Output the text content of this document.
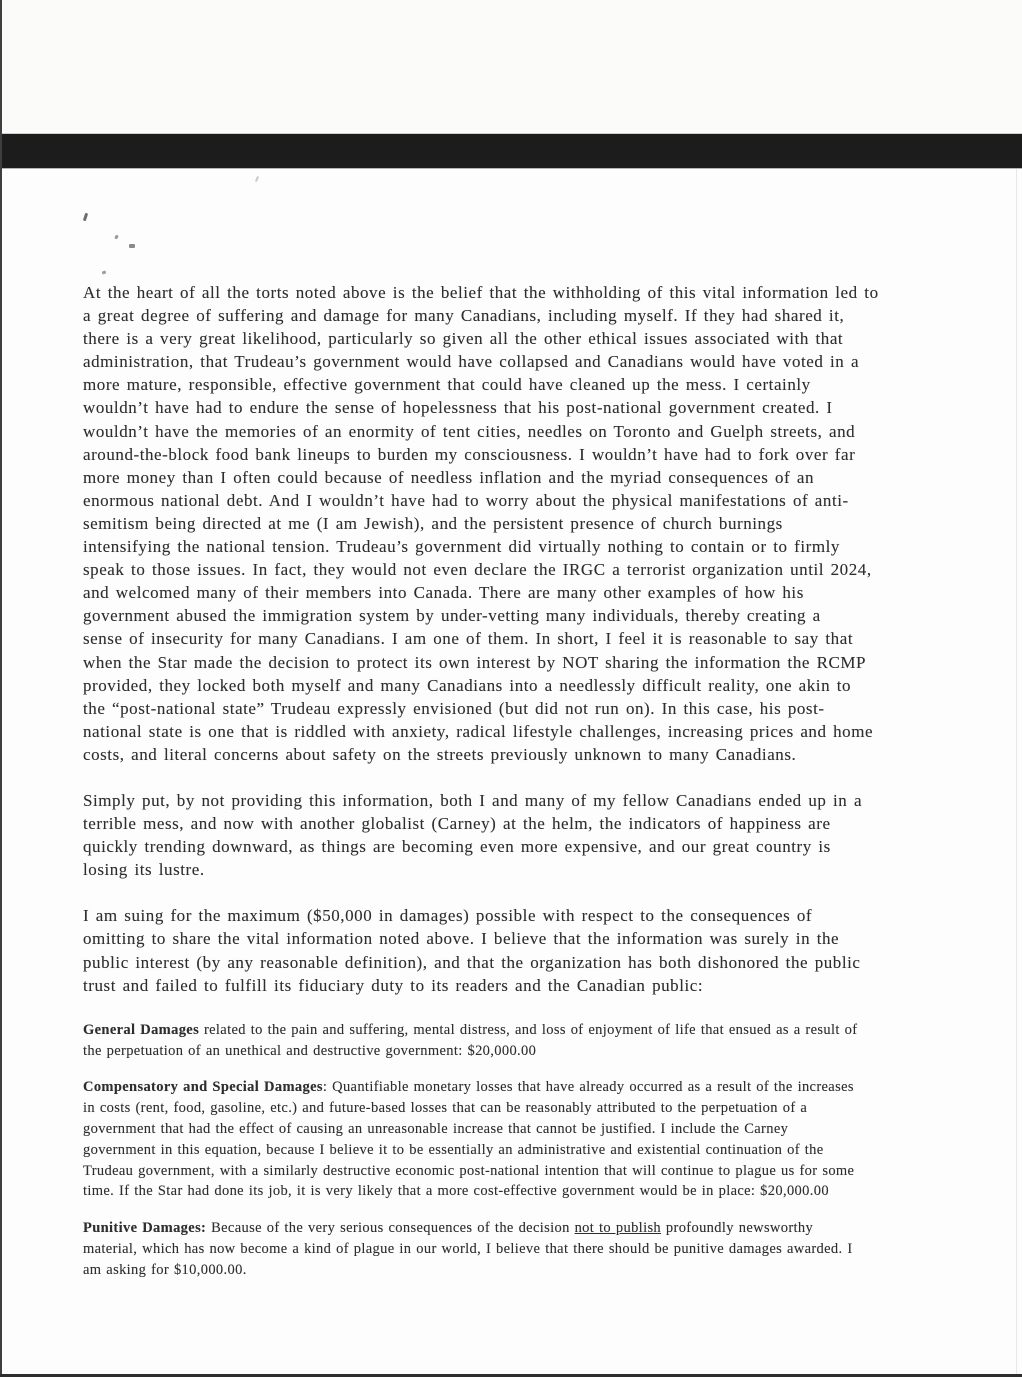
At the heart of all the torts noted above is the belief that the withholding of this vital information led to
a great degree of suffering and damage for many Canadians, including myself. If they had shared it,
there is a very great likelihood, particularly so given all the other ethical issues associated with that
administration, that Trudeau’s government would have collapsed and Canadians would have voted in a
more mature, responsible, effective government that could have cleaned up the mess. I certainly
wouldn’t have had to endure the sense of hopelessness that his post-national government created. I
wouldn’t have the memories of an enormity of tent cities, needles on Toronto and Guelph streets, and
around-the-block food bank lineups to burden my consciousness. I wouldn’t have had to fork over far
more money than I often could because of needless inflation and the myriad consequences of an
enormous national debt. And I wouldn’t have had to worry about the physical manifestations of anti-
semitism being directed at me (I am Jewish), and the persistent presence of church burnings
intensifying the national tension. Trudeau’s government did virtually nothing to contain or to firmly
speak to those issues. In fact, they would not even declare the IRGC a terrorist organization until 2024,
and welcomed many of their members into Canada. There are many other examples of how his
government abused the immigration system by under-vetting many individuals, thereby creating a
sense of insecurity for many Canadians. I am one of them. In short, I feel it is reasonable to say that
when the Star made the decision to protect its own interest by NOT sharing the information the RCMP
provided, they locked both myself and many Canadians into a needlessly difficult reality, one akin to
the “post-national state” Trudeau expressly envisioned (but did not run on). In this case, his post-
national state is one that is riddled with anxiety, radical lifestyle challenges, increasing prices and home
costs, and literal concerns about safety on the streets previously unknown to many Canadians.
Simply put, by not providing this information, both I and many of my fellow Canadians ended up in a
terrible mess, and now with another globalist (Carney) at the helm, the indicators of happiness are
quickly trending downward, as things are becoming even more expensive, and our great country is
losing its lustre.
I am suing for the maximum ($50,000 in damages) possible with respect to the consequences of
omitting to share the vital information noted above. I believe that the information was surely in the
public interest (by any reasonable definition), and that the organization has both dishonored the public
trust and failed to fulfill its fiduciary duty to its readers and the Canadian public:
General Damages related to the pain and suffering, mental distress, and loss of enjoyment of life that ensued as a result of
the perpetuation of an unethical and destructive government: $20,000.00
Compensatory and Special Damages: Quantifiable monetary losses that have already occurred as a result of the increases
in costs (rent, food, gasoline, etc.) and future-based losses that can be reasonably attributed to the perpetuation of a
government that had the effect of causing an unreasonable increase that cannot be justified. I include the Carney
government in this equation, because I believe it to be essentially an administrative and existential continuation of the
Trudeau government, with a similarly destructive economic post-national intention that will continue to plague us for some
time. If the Star had done its job, it is very likely that a more cost-effective government would be in place: $20,000.00
Punitive Damages: Because of the very serious consequences of the decision not to publish profoundly newsworthy
material, which has now become a kind of plague in our world, I believe that there should be punitive damages awarded. I
am asking for $10,000.00.
